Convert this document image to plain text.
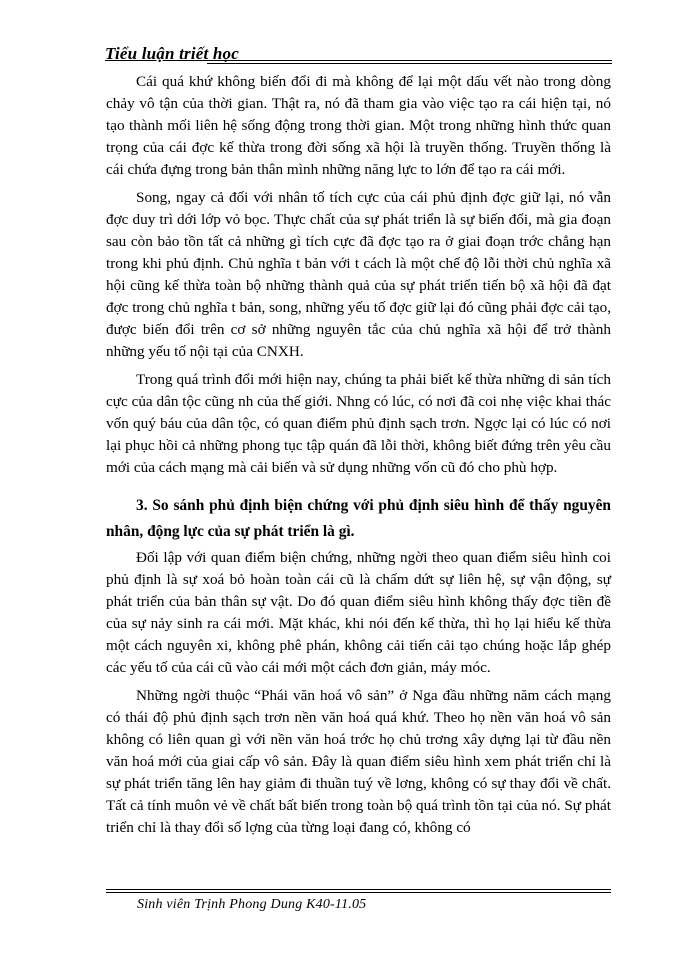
Tiểu luận triết học

Cái quá khứ không biến đổi đi mà không để lại một dấu vết nào trong dòng chảy vô tận của thời gian. Thật ra, nó đã tham gia vào việc tạo ra cái hiện tại, nó tạo thành mối liên hệ sống động trong thời gian. Một trong những hình thức quan trọng của cái đợc kế thừa trong đời sống xã hội là truyền thống. Truyền thống là cái chứa đựng trong bản thân mình những năng lực to lớn để tạo ra cái mới.

Song, ngay cả đối với nhân tố tích cực của cái phủ định đợc giữ lại, nó vẫn đợc duy trì dới lớp vỏ bọc. Thực chất của sự phát triển là sự biến đổi, mà gia đoạn sau còn bảo tồn tất cả những gì tích cực đã đợc tạo ra ở giai đoạn trớc chẳng hạn trong khi phủ định. Chủ nghĩa t bản với t cách là một chế độ lỗi thời chủ nghĩa xã hội cũng kế thừa toàn bộ những thành quả của sự phát triển tiến bộ xã hội đã đạt đợc trong chủ nghĩa t bản, song, những yếu tố đợc giữ lại đó cũng phải đợc cải tạo, được biến đổi trên cơ sở những nguyên tắc của chủ nghĩa xã hội để trở thành những yếu tố nội tại của CNXH.

Trong quá trình đổi mới hiện nay, chúng ta phải biết kế thừa những di sản tích cực của dân tộc cũng nh của thế giới. Nhng có lúc, có nơi đã coi nhẹ việc khai thác vốn quý báu của dân tộc, có quan điểm phủ định sạch trơn. Ngợc lại có lúc có nơi lại phục hồi cả những phong tục tập quán đã lỗi thời, không biết đứng trên yêu cầu mới của cách mạng mà cải biến và sử dụng những vốn cũ đó cho phù hợp.

3. So sánh phủ định biện chứng với phủ định siêu hình để thấy nguyên nhân, động lực của sự phát triển là gì.

Đối lập với quan điểm biện chứng, những ngời theo quan điểm siêu hình coi phủ định là sự xoá bỏ hoàn toàn cái cũ là chấm dứt sự liên hệ, sự vận động, sự phát triển của bản thân sự vật. Do đó quan điểm siêu hình không thấy đợc tiền đề của sự nảy sinh ra cái mới. Mặt khác, khi nói đến kế thừa, thì họ lại hiểu kế thừa một cách nguyên xi, không phê phán, không cải tiến cải tạo chúng hoặc lắp ghép các yếu tố của cái cũ vào cái mới một cách đơn giản, máy móc.

Những ngời thuộc “Phái văn hoá vô sản” ở Nga đầu những năm cách mạng có thái độ phủ định sạch trơn nền văn hoá quá khứ. Theo họ nền văn hoá vô sản không có liên quan gì với nền văn hoá trớc họ chủ trơng xây dựng lại từ đầu nền văn hoá mới của giai cấp vô sản. Đây là quan điểm siêu hình xem phát triển chỉ là sự phát triển tăng lên hay giảm đi thuần tuý về lơng, không có sự thay đổi về chất. Tất cả tính muôn vẻ về chất bất biến trong toàn bộ quá trình tồn tại của nó. Sự phát triển chỉ là thay đổi số lợng của từng loại đang có, không có

Sinh viên Trịnh Phong Dung K40-11.05
